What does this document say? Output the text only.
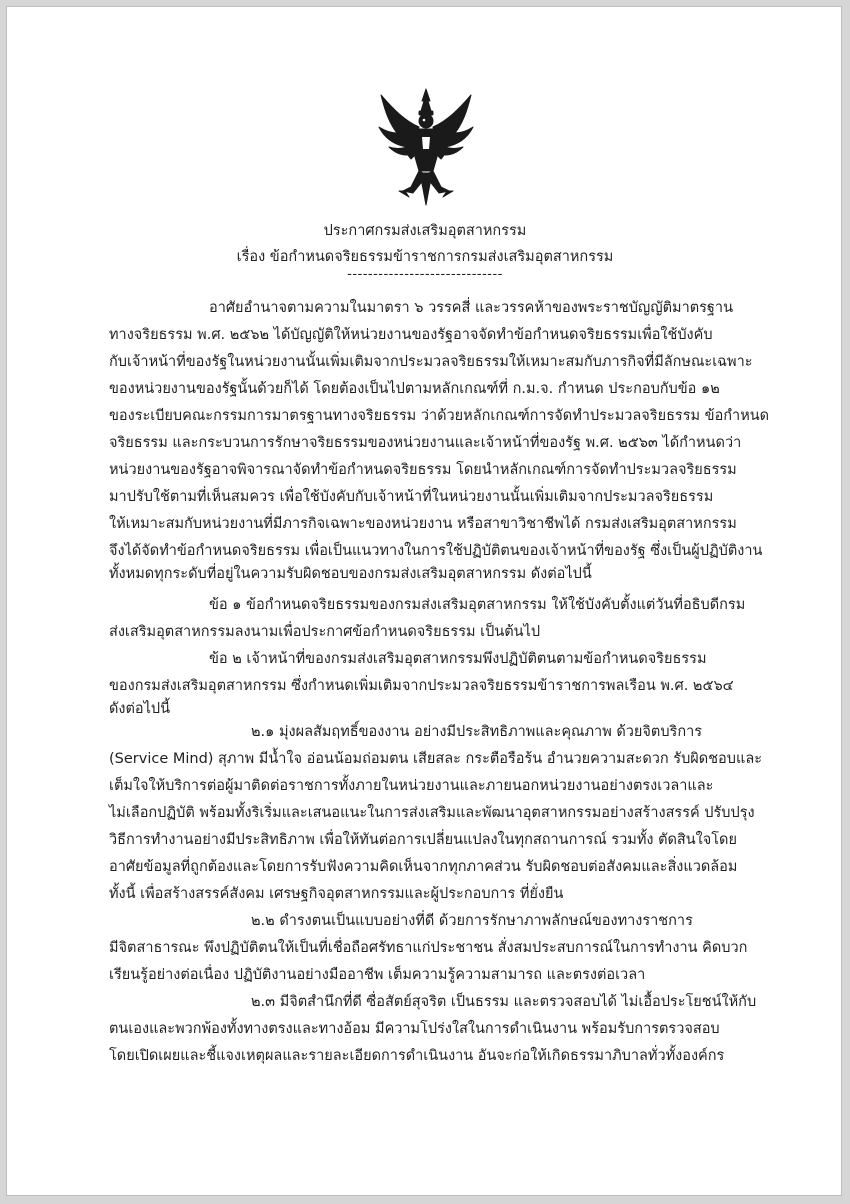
ประกาศกรมส่งเสริมอุตสาหกรรม
เรื่อง ข้อกำหนดจริยธรรมข้าราชการกรมส่งเสริมอุตสาหกรรม
------------------------------
อาศัยอำนาจตามความในมาตรา ๖ วรรคสี่ และวรรคห้าของพระราชบัญญัติมาตรฐาน
ทางจริยธรรม พ.ศ. ๒๕๖๒ ได้บัญญัติให้หน่วยงานของรัฐอาจจัดทำข้อกำหนดจริยธรรมเพื่อใช้บังคับ
กับเจ้าหน้าที่ของรัฐในหน่วยงานนั้นเพิ่มเติมจากประมวลจริยธรรมให้เหมาะสมกับภารกิจที่มีลักษณะเฉพาะ
ของหน่วยงานของรัฐนั้นด้วยก็ได้ โดยต้องเป็นไปตามหลักเกณฑ์ที่ ก.ม.จ. กำหนด ประกอบกับข้อ ๑๒
ของระเบียบคณะกรรมการมาตรฐานทางจริยธรรม ว่าด้วยหลักเกณฑ์การจัดทำประมวลจริยธรรม ข้อกำหนด
จริยธรรม และกระบวนการรักษาจริยธรรมของหน่วยงานและเจ้าหน้าที่ของรัฐ พ.ศ. ๒๕๖๓ ได้กำหนดว่า
หน่วยงานของรัฐอาจพิจารณาจัดทำข้อกำหนดจริยธรรม โดยนำหลักเกณฑ์การจัดทำประมวลจริยธรรม
มาปรับใช้ตามที่เห็นสมควร เพื่อใช้บังคับกับเจ้าหน้าที่ในหน่วยงานนั้นเพิ่มเติมจากประมวลจริยธรรม
ให้เหมาะสมกับหน่วยงานที่มีภารกิจเฉพาะของหน่วยงาน หรือสาขาวิชาชีพได้ กรมส่งเสริมอุตสาหกรรม
จึงได้จัดทำข้อกำหนดจริยธรรม เพื่อเป็นแนวทางในการใช้ปฏิบัติตนของเจ้าหน้าที่ของรัฐ ซึ่งเป็นผู้ปฏิบัติงาน
ทั้งหมดทุกระดับที่อยู่ในความรับผิดชอบของกรมส่งเสริมอุตสาหกรรม ดังต่อไปนี้
ข้อ ๑ ข้อกำหนดจริยธรรมของกรมส่งเสริมอุตสาหกรรม ให้ใช้บังคับตั้งแต่วันที่อธิบดีกรม
ส่งเสริมอุตสาหกรรมลงนามเพื่อประกาศข้อกำหนดจริยธรรม เป็นต้นไป
ข้อ ๒ เจ้าหน้าที่ของกรมส่งเสริมอุตสาหกรรมพึงปฏิบัติตนตามข้อกำหนดจริยธรรม
ของกรมส่งเสริมอุตสาหกรรม ซึ่งกำหนดเพิ่มเติมจากประมวลจริยธรรมข้าราชการพลเรือน พ.ศ. ๒๕๖๔
ดังต่อไปนี้
๒.๑ มุ่งผลสัมฤทธิ์ของงาน อย่างมีประสิทธิภาพและคุณภาพ ด้วยจิตบริการ
(Service Mind) สุภาพ มีน้ำใจ อ่อนน้อมถ่อมตน เสียสละ กระตือรือร้น อำนวยความสะดวก รับผิดชอบและ
เต็มใจให้บริการต่อผู้มาติดต่อราชการทั้งภายในหน่วยงานและภายนอกหน่วยงานอย่างตรงเวลาและ
ไม่เลือกปฏิบัติ พร้อมทั้งริเริ่มและเสนอแนะในการส่งเสริมและพัฒนาอุตสาหกรรมอย่างสร้างสรรค์ ปรับปรุง
วิธีการทำงานอย่างมีประสิทธิภาพ เพื่อให้ทันต่อการเปลี่ยนแปลงในทุกสถานการณ์ รวมทั้ง ตัดสินใจโดย
อาศัยข้อมูลที่ถูกต้องและโดยการรับฟังความคิดเห็นจากทุกภาคส่วน รับผิดชอบต่อสังคมและสิ่งแวดล้อม
ทั้งนี้ เพื่อสร้างสรรค์สังคม เศรษฐกิจอุตสาหกรรมและผู้ประกอบการ ที่ยั่งยืน
๒.๒ ดำรงตนเป็นแบบอย่างที่ดี ด้วยการรักษาภาพลักษณ์ของทางราชการ
มีจิตสาธารณะ พึงปฏิบัติตนให้เป็นที่เชื่อถือศรัทธาแก่ประชาชน สั่งสมประสบการณ์ในการทำงาน คิดบวก
เรียนรู้อย่างต่อเนื่อง ปฏิบัติงานอย่างมืออาชีพ เต็มความรู้ความสามารถ และตรงต่อเวลา
๒.๓ มีจิตสำนึกที่ดี ซื่อสัตย์สุจริต เป็นธรรม และตรวจสอบได้ ไม่เอื้อประโยชน์ให้กับ
ตนเองและพวกพ้องทั้งทางตรงและทางอ้อม มีความโปร่งใสในการดำเนินงาน พร้อมรับการตรวจสอบ
โดยเปิดเผยและชี้แจงเหตุผลและรายละเอียดการดำเนินงาน อันจะก่อให้เกิดธรรมาภิบาลทั่วทั้งองค์กร
